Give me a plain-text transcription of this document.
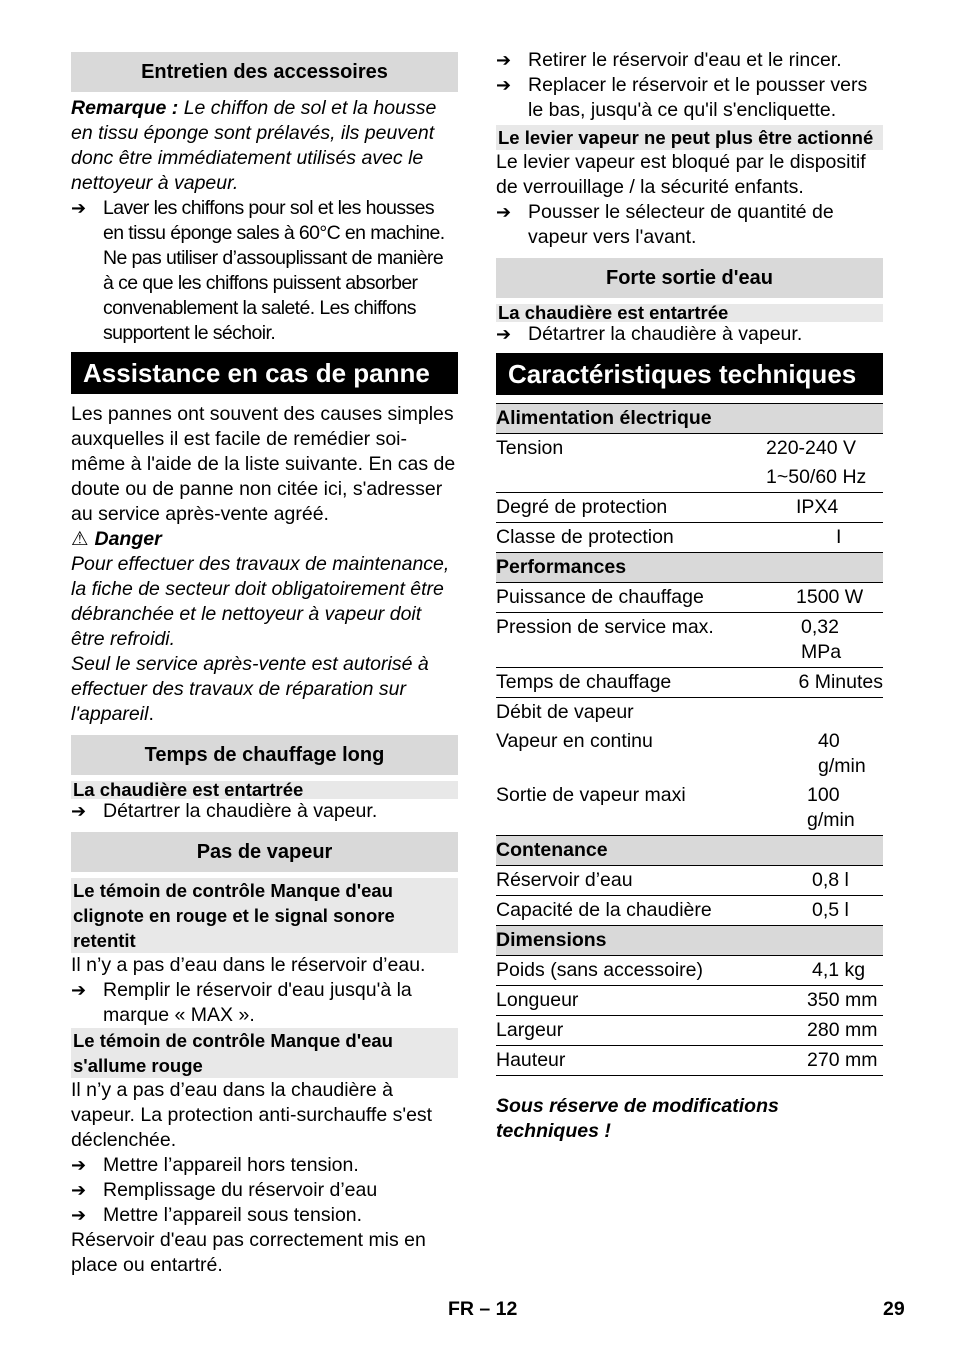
Entretien des accessoires

Remarque : Le chiffon de sol et la housse en tissu éponge sont prélavés, ils peuvent donc être immédiatement utilisés avec le nettoyeur à vapeur.

➔ Laver les chiffons pour sol et les housses en tissu éponge sales à 60°C en machine. Ne pas utiliser d’assouplissant de manière à ce que les chiffons puissent absorber convenablement la saleté. Les chiffons supportent le séchoir.
Assistance en cas de panne

Les pannes ont souvent des causes simples auxquelles il est facile de remédier soi-même à l'aide de la liste suivante. En cas de doute ou de panne non citée ici, s'adresser au service après-vente agréé.

⚠ Danger

Pour effectuer des travaux de maintenance, la fiche de secteur doit obligatoirement être débranchée et le nettoyeur à vapeur doit être refroidi.

Seul le service après-vente est autorisé à effectuer des travaux de réparation sur l'appareil.

Temps de chauffage long
La chaudière est entartrée
➔ Détartrer la chaudière à vapeur.
Pas de vapeur
Le témoin de contrôle Manque d'eau clignote en rouge et le signal sonore retentit

Il n’y a pas d’eau dans le réservoir d’eau.

➔ Remplir le réservoir d'eau jusqu'à la marque « MAX ».
Le témoin de contrôle Manque d'eau s'allume rouge

Il n’y a pas d’eau dans la chaudière à vapeur. La protection anti-surchauffe s'est déclenchée.

➔ Mettre l’appareil hors tension.
➔ Remplissage du réservoir d’eau
➔ Mettre l’appareil sous tension.

Réservoir d'eau pas correctement mis en place ou entartré.

➔ Retirer le réservoir d'eau et le rincer.
➔ Replacer le réservoir et le pousser vers le bas, jusqu'à ce qu'il s'encliquette.
Le levier vapeur ne peut plus être actionné

Le levier vapeur est bloqué par le dispositif de verrouillage / la sécurité enfants.

➔ Pousser le sélecteur de quantité de vapeur vers l'avant.
Forte sortie d'eau
La chaudière est entartrée
➔ Détartrer la chaudière à vapeur.
Caractéristiques techniques
Alimentation électrique	
Tension	220-240 V
	1~50/60 Hz
Degré de protection	IPX4
Classe de protection	I
Performances	
Puissance de chauffage	1500 W
Pression de service max.	0,32 MPa
Temps de chauffage	6 Minutes
Débit de vapeur	
Vapeur en continu	40 g/min
Sortie de vapeur maxi	100 g/min
Contenance	
Réservoir d’eau	0,8 l
Capacité de la chaudière	0,5 l
Dimensions	
Poids (sans accessoire)	4,1 kg
Longueur	350 mm
Largeur	280 mm
Hauteur	270 mm

Sous réserve de modifications techniques !

FR – 12	29
